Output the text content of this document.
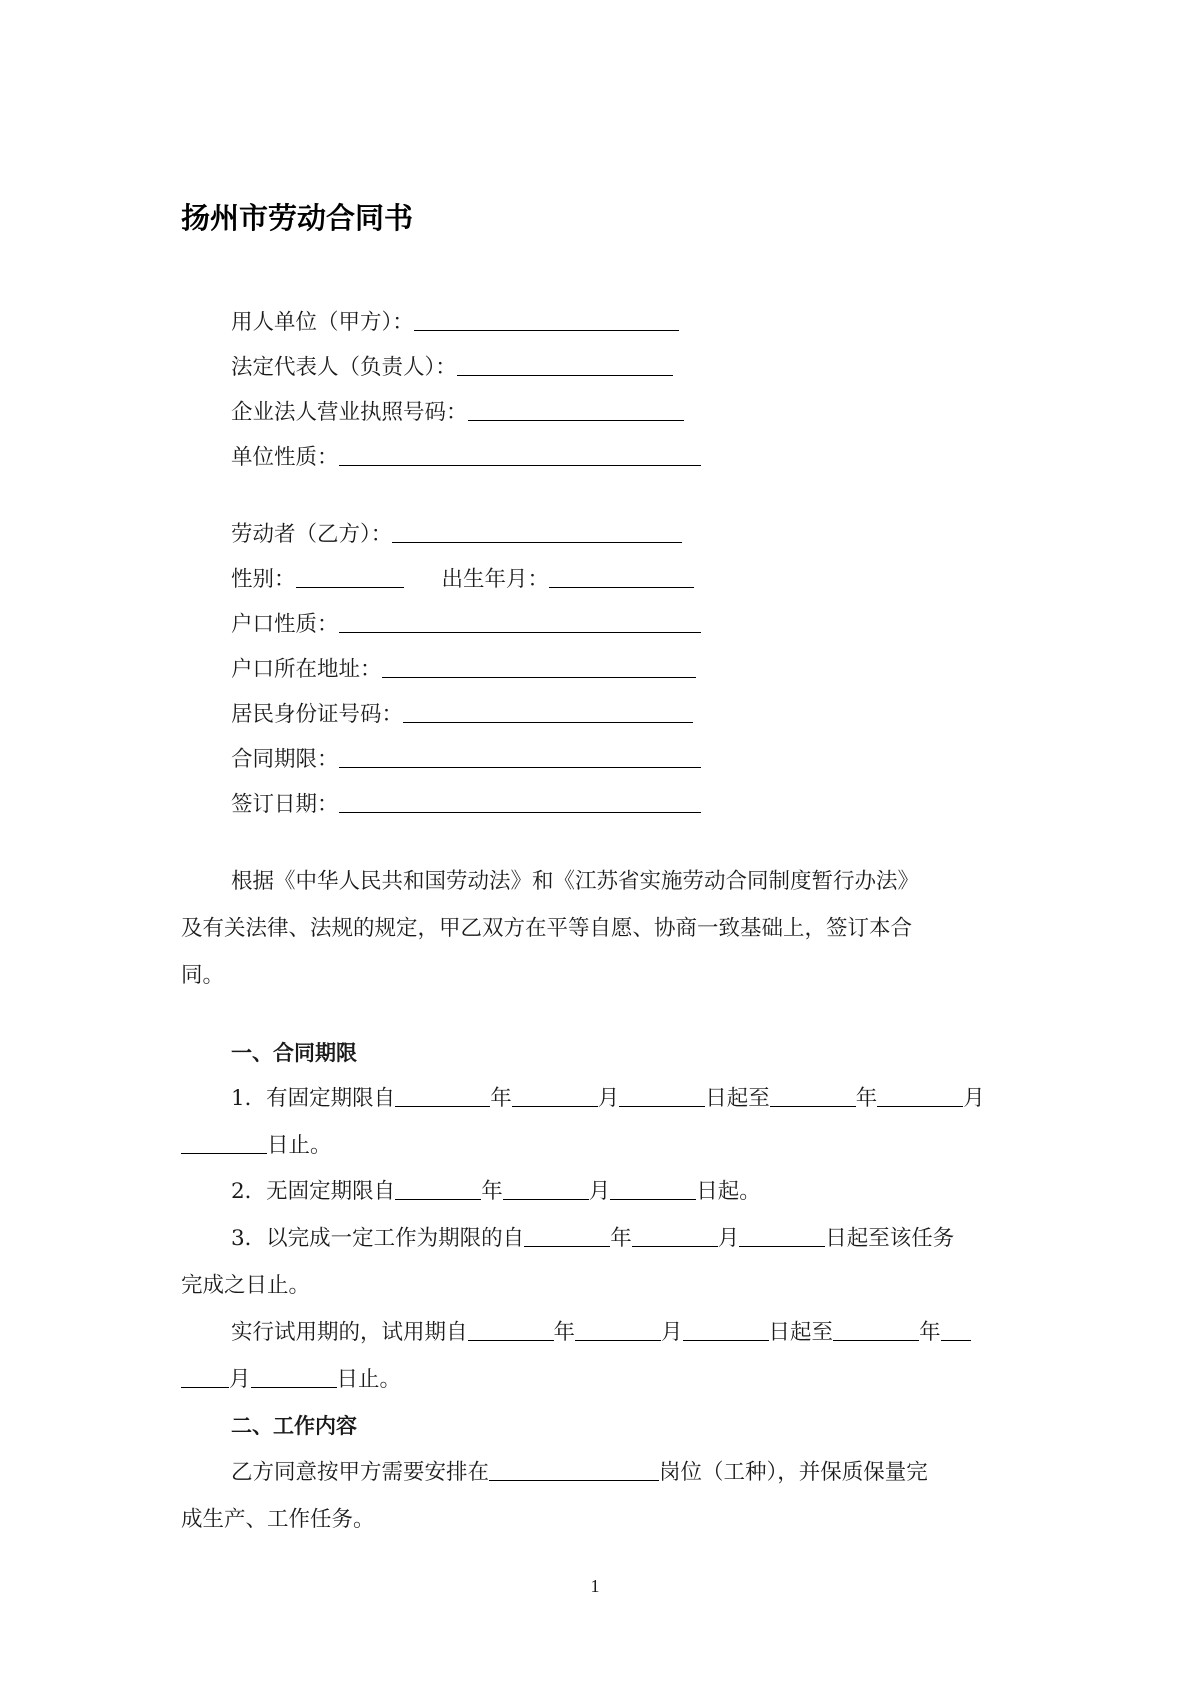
扬州市劳动合同书
用人单位（甲方）：
法定代表人（负责人）：
企业法人营业执照号码：
单位性质：
劳动者（乙方）：
性别：	出生年月：
户口性质：
户口所在地址：
居民身份证号码：
合同期限：
签订日期：
根据《中华人民共和国劳动法》和《江苏省实施劳动合同制度暂行办法》
及有关法律、法规的规定，甲乙双方在平等自愿、协商一致基础上，签订本合
同。
一、合同期限
1．有固定期限自	年	月	日起至	年	月
日止。
2．无固定期限自	年	月	日起。
3．以完成一定工作为期限的自	年	月	日起至该任务
完成之日止。
实行试用期的，试用期自	年	月	日起至	年
月	日止。
二、工作内容
乙方同意按甲方需要安排在	岗位（工种），并保质保量完
成生产、工作任务。
1
